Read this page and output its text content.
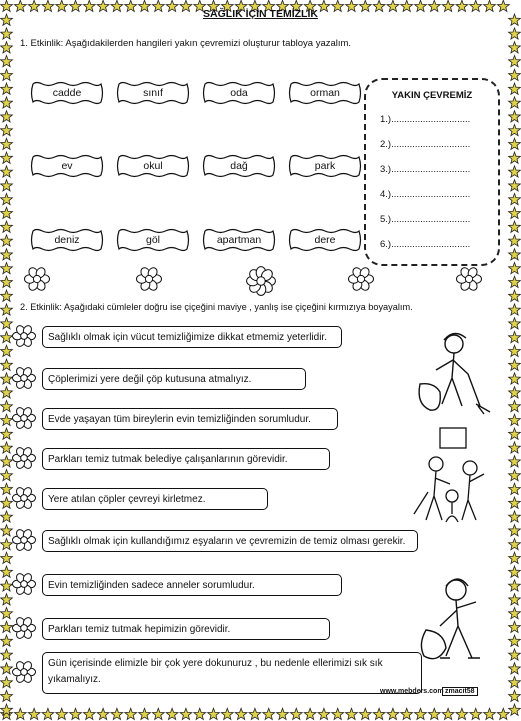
SAĞLIK İÇİN TEMİZLİK
1. Etkinlik: Aşağıdakilerden hangileri yakın çevremizi oluşturur tabloya yazalım.
cadde	sınıf	oda	orman
ev	okul	dağ	park
deniz	göl	apartman	dere
YAKIN ÇEVREMİZ
1.)..............................
2.)..............................
3.)..............................
4.)..............................
5.)..............................
6.)..............................
2. Etkinlik: Aşağıdaki cümleler doğru ise çiçeğini maviye , yanlış ise çiçeğini kırmızıya boyayalım.
Sağlıklı olmak için vücut temizliğimize dikkat etmemiz yeterlidir.
Çöplerimizi yere değil çöp kutusuna atmalıyız.
Evde yaşayan tüm bireylerin evin temizliğinden sorumludur.
Parkları temiz tutmak belediye çalışanlarının görevidir.
Yere atılan çöpler çevreyi kirletmez.
Sağlıklı olmak için kullandığımız eşyaların ve çevremizin de temiz olması gerekir.
Evin temizliğinden sadece anneler sorumludur.
Parkları temiz tutmak hepimizin görevidir.
Gün içerisinde elimizle bir çok yere dokunuruz , bu nedenle ellerimizi sık sık yıkamalıyız.
www.mebders.com zmacit58
